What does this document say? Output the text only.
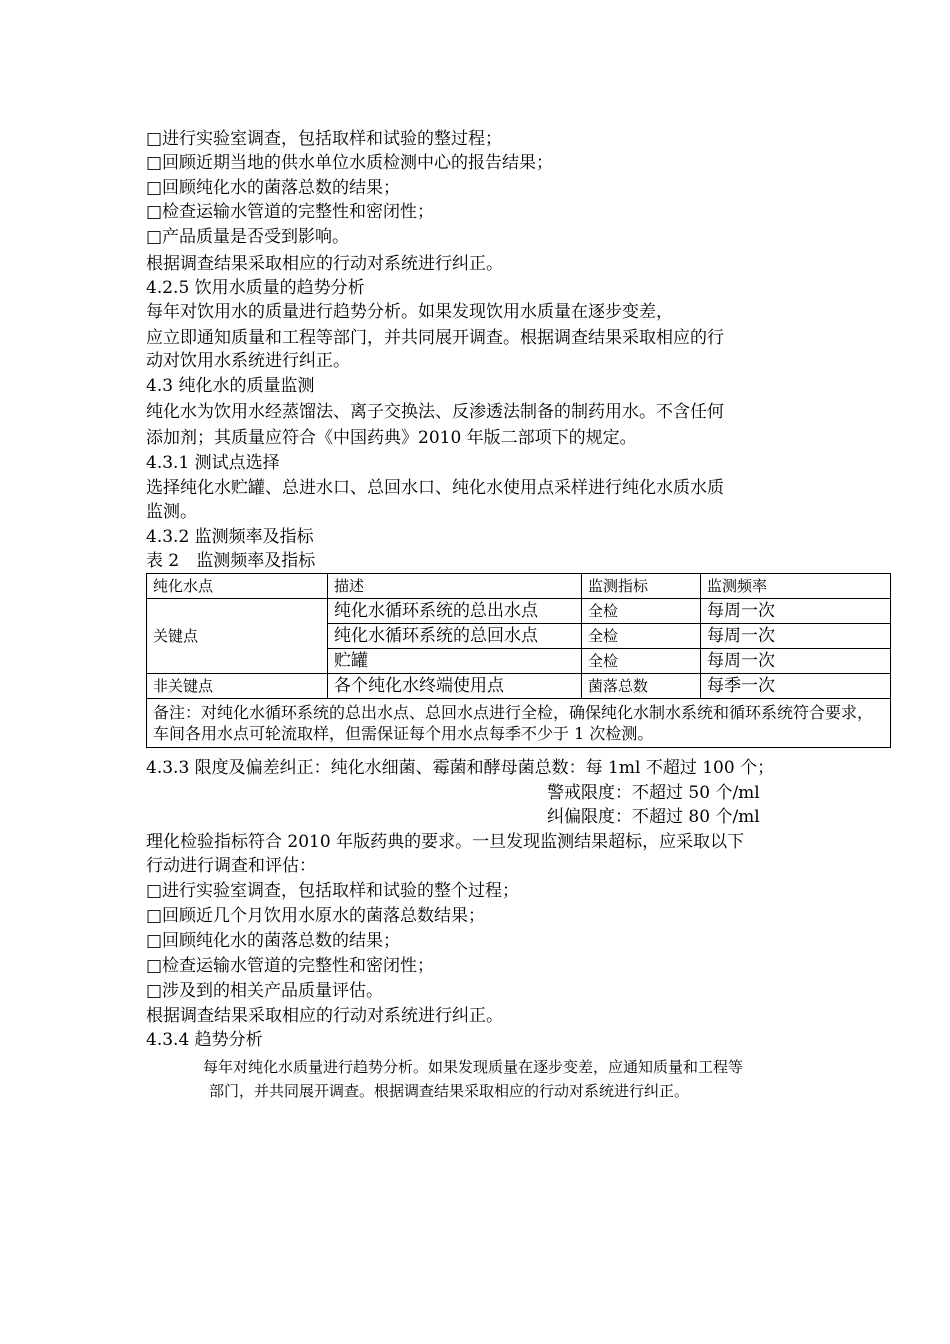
□进行实验室调查，包括取样和试验的整过程；
□回顾近期当地的供水单位水质检测中心的报告结果；
□回顾纯化水的菌落总数的结果；
□检查运输水管道的完整性和密闭性；
□产品质量是否受到影响。
根据调查结果采取相应的行动对系统进行纠正。
4.2.5 饮用水质量的趋势分析
每年对饮用水的质量进行趋势分析。如果发现饮用水质量在逐步变差，
应立即通知质量和工程等部门，并共同展开调查。根据调查结果采取相应的行
动对饮用水系统进行纠正。
4.3 纯化水的质量监测
纯化水为饮用水经蒸馏法、离子交换法、反渗透法制备的制药用水。不含任何
添加剂；其质量应符合《中国药典》2010 年版二部项下的规定。
4.3.1 测试点选择
选择纯化水贮罐、总进水口、总回水口、纯化水使用点采样进行纯化水质水质
监测。
4.3.2 监测频率及指标
表 2　监测频率及指标
纯化水点	描述	监测指标	监测频率
关键点	纯化水循环系统的总出水点	全检	每周一次
	纯化水循环系统的总回水点	全检	每周一次
	贮罐	全检	每周一次
非关键点	各个纯化水终端使用点	菌落总数	每季一次
备注：对纯化水循环系统的总出水点、总回水点进行全检，确保纯化水制水系统和循环系统符合要求，车间各用水点可轮流取样，但需保证每个用水点每季不少于 1 次检测。			
4.3.3 限度及偏差纠正：纯化水细菌、霉菌和酵母菌总数：每 1ml 不超过 100 个；
警戒限度：不超过 50 个/ml
纠偏限度：不超过 80 个/ml
理化检验指标符合 2010 年版药典的要求。一旦发现监测结果超标，应采取以下
行动进行调查和评估：
□进行实验室调查，包括取样和试验的整个过程；
□回顾近几个月饮用水原水的菌落总数结果；
□回顾纯化水的菌落总数的结果；
□检查运输水管道的完整性和密闭性；
□涉及到的相关产品质量评估。
根据调查结果采取相应的行动对系统进行纠正。
4.3.4 趋势分析
每年对纯化水质量进行趋势分析。如果发现质量在逐步变差，应通知质量和工程等
部门，并共同展开调查。根据调查结果采取相应的行动对系统进行纠正。
